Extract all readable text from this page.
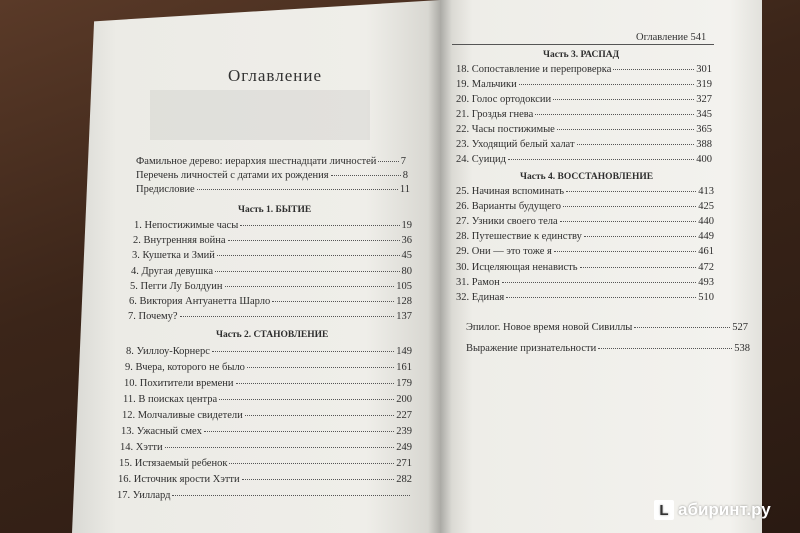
Оглавление
Фамильное дерево: иерархия шестнадцати личностей 7
Перечень личностей с датами их рождения	8
Предисловие	11
Часть 1. БЫТИЕ
1. Непостижимые часы	19
2. Внутренняя война	36
3. Кушетка и Змий	45
4. Другая девушка	80
5. Пегги Лу Болдуин	105
6. Виктория Антуанетта Шарло	128
7. Почему?	137
Часть 2. СТАНОВЛЕНИЕ
8. Уиллоу-Корнерс	149
9. Вчера, которого не было	161
10. Похитители времени	179
11. В поисках центра	200
12. Молчаливые свидетели	227
13. Ужасный смех	239
14. Хэтти	249
15. Истязаемый ребенок	271
16. Источник ярости Хэтти	282
17. Уиллард
Оглавление 541
Часть 3. РАСПАД
18. Сопоставление и перепроверка	301
19. Мальчики	319
20. Голос ортодоксии	327
21. Гроздья гнева	345
22. Часы постижимые	365
23. Уходящий белый халат	388
24. Суицид	400
Часть 4. ВОССТАНОВЛЕНИЕ
25. Начиная вспоминать	413
26. Варианты будущего	425
27. Узники своего тела	440
28. Путешествие к единству	449
29. Они — это тоже я	461
30. Исцеляющая ненависть	472
31. Рамон	493
32. Единая	510
Эпилог. Новое время новой Сивиллы	527
Выражение признательности	538
L абиринт.ру
